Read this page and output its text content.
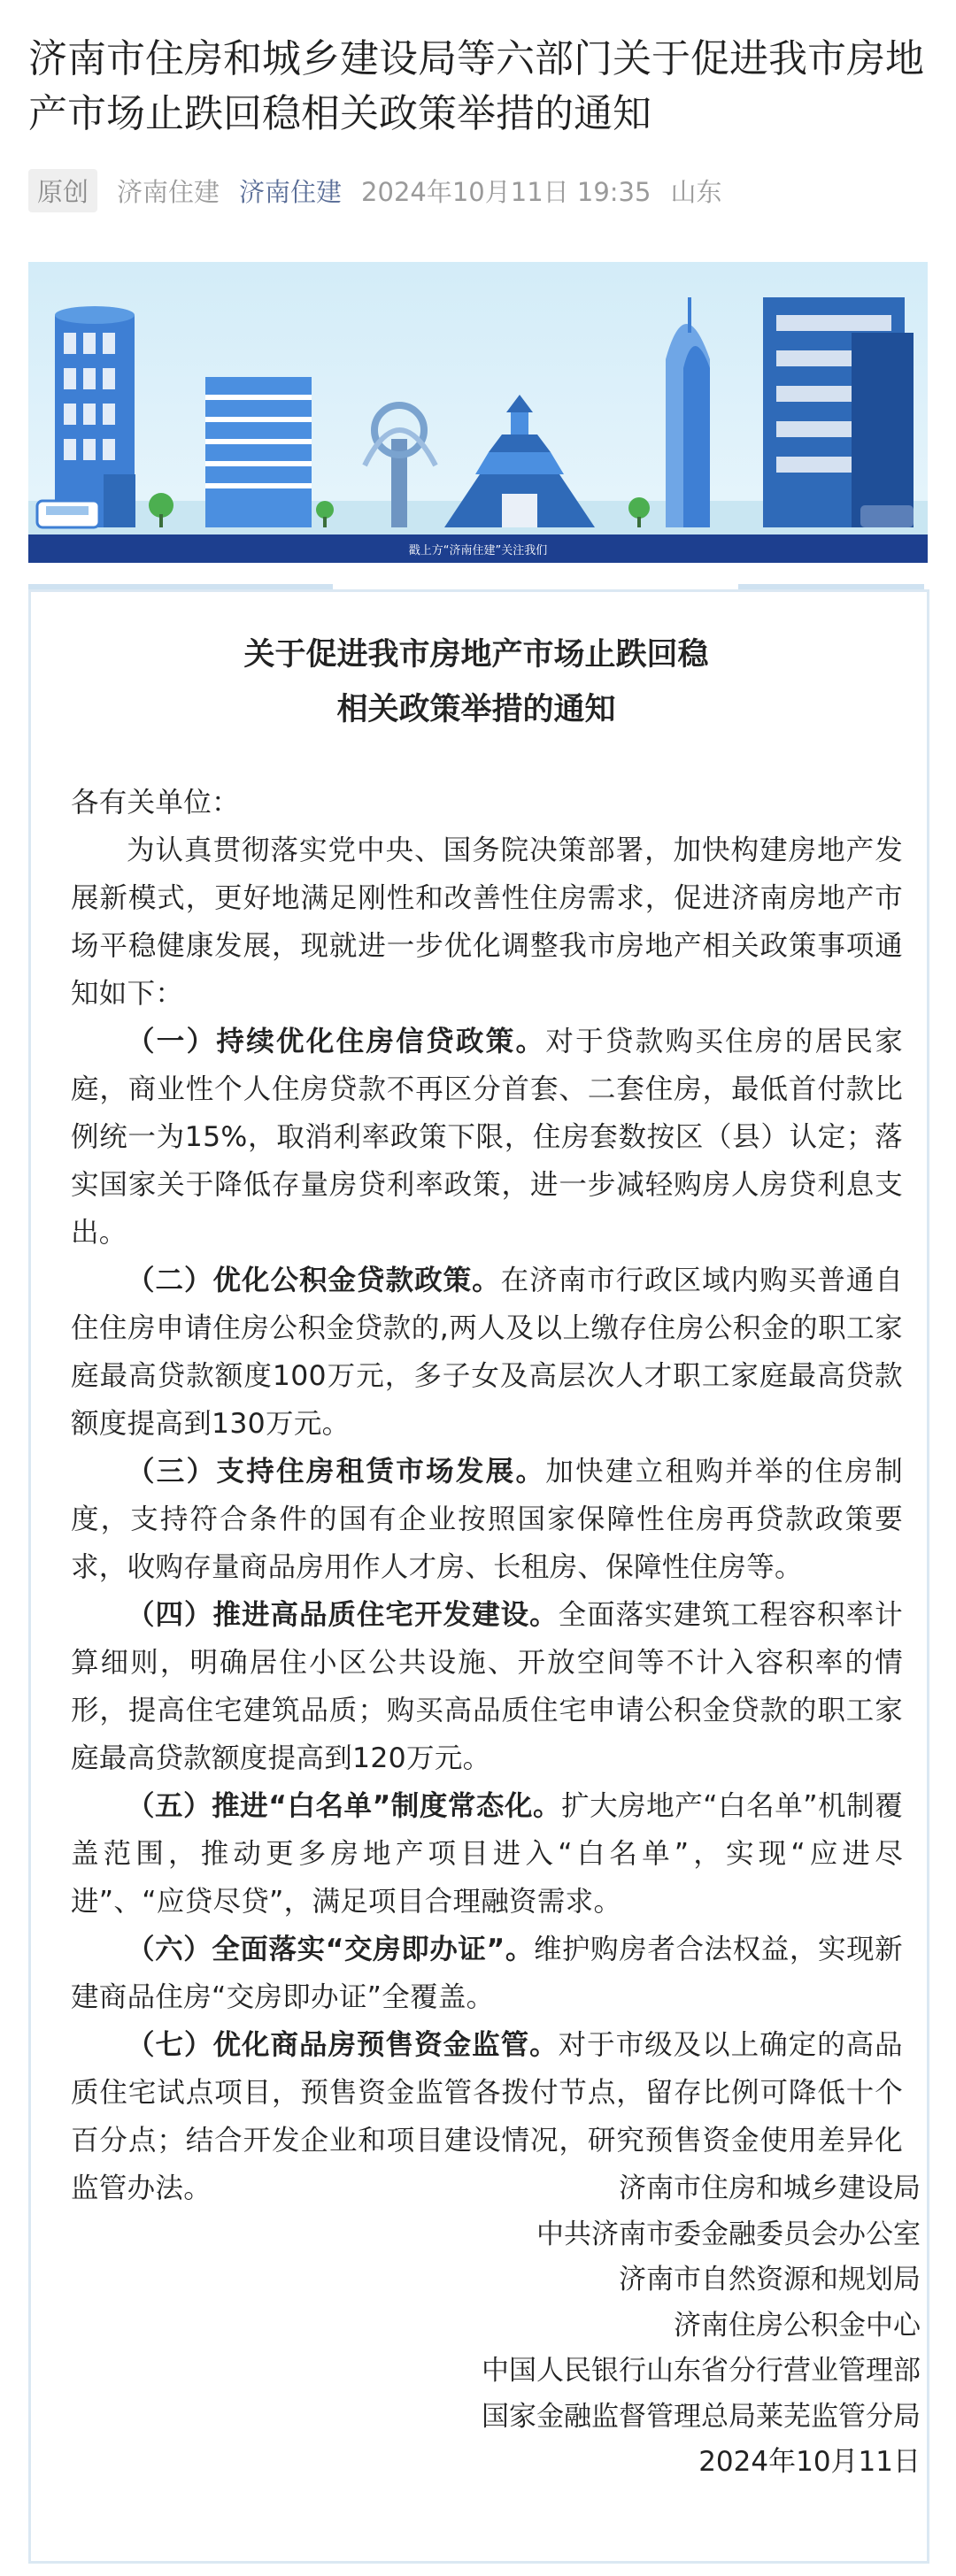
济南市住房和城乡建设局等六部门关于促进我市房地产市场止跌回稳相关政策举措的通知
原创	济南住建 济南住建 2024年10月11日 19:35 山东
戳上方“济南住建”关注我们
关于促进我市房地产市场止跌回稳
相关政策举措的通知

各有关单位：

为认真贯彻落实党中央、国务院决策部署，加快构建房地产发展新模式，更好地满足刚性和改善性住房需求，促进济南房地产市场平稳健康发展，现就进一步优化调整我市房地产相关政策事项通知如下：

（一）持续优化住房信贷政策。对于贷款购买住房的居民家庭，商业性个人住房贷款不再区分首套、二套住房，最低首付款比例统一为15%，取消利率政策下限，住房套数按区（县）认定；落实国家关于降低存量房贷利率政策，进一步减轻购房人房贷利息支出。

（二）优化公积金贷款政策。在济南市行政区域内购买普通自住住房申请住房公积金贷款的,两人及以上缴存住房公积金的职工家庭最高贷款额度100万元，多子女及高层次人才职工家庭最高贷款额度提高到130万元。

（三）支持住房租赁市场发展。加快建立租购并举的住房制度，支持符合条件的国有企业按照国家保障性住房再贷款政策要求，收购存量商品房用作人才房、长租房、保障性住房等。

（四）推进高品质住宅开发建设。全面落实建筑工程容积率计算细则，明确居住小区公共设施、开放空间等不计入容积率的情形，提高住宅建筑品质；购买高品质住宅申请公积金贷款的职工家庭最高贷款额度提高到120万元。

（五）推进“白名单”制度常态化。扩大房地产“白名单”机制覆盖范围，推动更多房地产项目进入“白名单”，实现“应进尽进”、“应贷尽贷”，满足项目合理融资需求。

（六）全面落实“交房即办证”。维护购房者合法权益，实现新建商品住房“交房即办证”全覆盖。

（七）优化商品房预售资金监管。对于市级及以上确定的高品质住宅试点项目，预售资金监管各拨付节点，留存比例可降低十个百分点；结合开发企业和项目建设情况，研究预售资金使用差异化监管办法。	济南市住房和城乡建设局
中共济南市委金融委员会办公室
济南市自然资源和规划局
济南住房公积金中心
中国人民银行山东省分行营业管理部
国家金融监督管理总局莱芜监管分局
2024年10月11日
